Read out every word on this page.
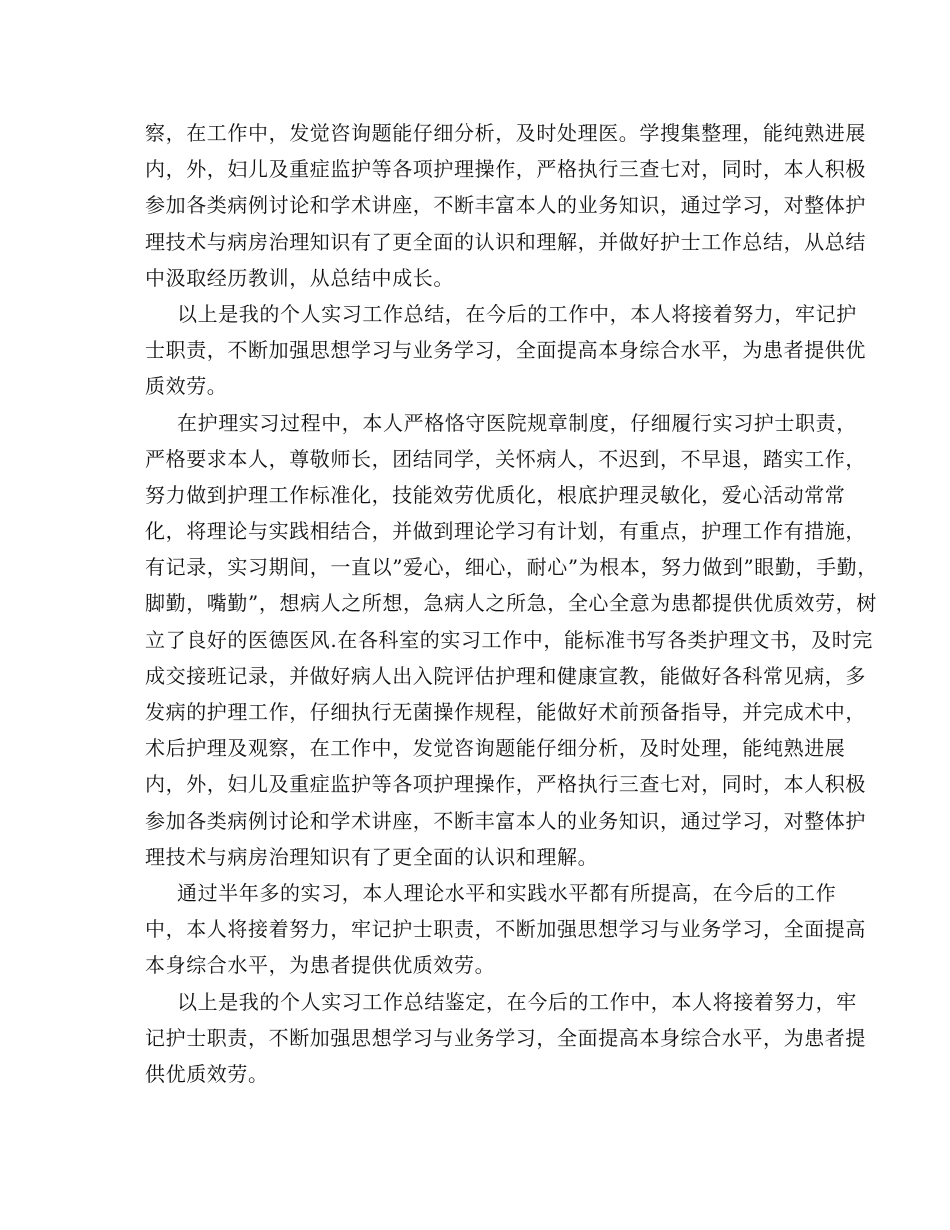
察，在工作中，发觉咨询题能仔细分析，及时处理医。学搜集整理，能纯熟进展
内，外，妇儿及重症监护等各项护理操作，严格执行三查七对，同时，本人积极
参加各类病例讨论和学术讲座，不断丰富本人的业务知识，通过学习，对整体护
理技术与病房治理知识有了更全面的认识和理解，并做好护士工作总结，从总结
中汲取经历教训，从总结中成长。
以上是我的个人实习工作总结，在今后的工作中，本人将接着努力，牢记护
士职责，不断加强思想学习与业务学习，全面提高本身综合水平，为患者提供优
质效劳。
在护理实习过程中，本人严格恪守医院规章制度，仔细履行实习护士职责，
严格要求本人，尊敬师长，团结同学，关怀病人，不迟到，不早退，踏实工作，
努力做到护理工作标准化，技能效劳优质化，根底护理灵敏化，爱心活动常常
化，将理论与实践相结合，并做到理论学习有计划，有重点，护理工作有措施，
有记录，实习期间，一直以”爱心，细心，耐心”为根本，努力做到”眼勤，手勤，
脚勤，嘴勤”，想病人之所想，急病人之所急，全心全意为患都提供优质效劳，树
立了良好的医德医风.在各科室的实习工作中，能标准书写各类护理文书，及时完
成交接班记录，并做好病人出入院评估护理和健康宣教，能做好各科常见病，多
发病的护理工作，仔细执行无菌操作规程，能做好术前预备指导，并完成术中，
术后护理及观察，在工作中，发觉咨询题能仔细分析，及时处理，能纯熟进展
内，外，妇儿及重症监护等各项护理操作，严格执行三查七对，同时，本人积极
参加各类病例讨论和学术讲座，不断丰富本人的业务知识，通过学习，对整体护
理技术与病房治理知识有了更全面的认识和理解。
通过半年多的实习，本人理论水平和实践水平都有所提高，在今后的工作
中，本人将接着努力，牢记护士职责，不断加强思想学习与业务学习，全面提高
本身综合水平，为患者提供优质效劳。
以上是我的个人实习工作总结鉴定，在今后的工作中，本人将接着努力，牢
记护士职责，不断加强思想学习与业务学习，全面提高本身综合水平，为患者提
供优质效劳。
